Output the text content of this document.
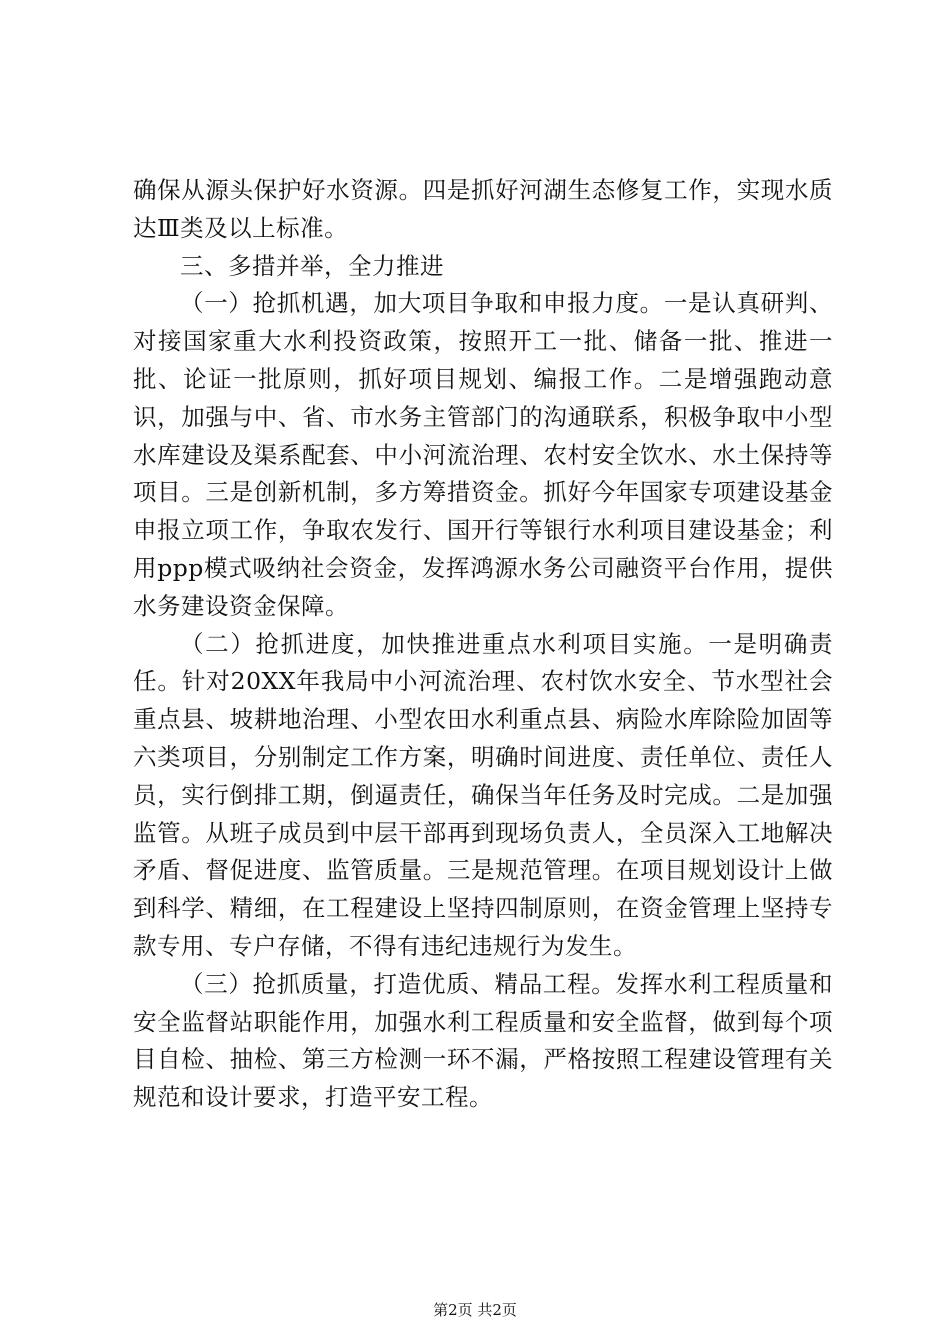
确保从源头保护好水资源。四是抓好河湖生态修复工作，实现水质达Ⅲ类及以上标准。

三、多措并举，全力推进

（一）抢抓机遇，加大项目争取和申报力度。一是认真研判、对接国家重大水利投资政策，按照开工一批、储备一批、推进一批、论证一批原则，抓好项目规划、编报工作。二是增强跑动意识，加强与中、省、市水务主管部门的沟通联系，积极争取中小型水库建设及渠系配套、中小河流治理、农村安全饮水、水土保持等项目。三是创新机制，多方筹措资金。抓好今年国家专项建设基金申报立项工作，争取农发行、国开行等银行水利项目建设基金；利用ppp模式吸纳社会资金，发挥鸿源水务公司融资平台作用，提供水务建设资金保障。

（二）抢抓进度，加快推进重点水利项目实施。一是明确责任。针对20XX年我局中小河流治理、农村饮水安全、节水型社会重点县、坡耕地治理、小型农田水利重点县、病险水库除险加固等六类项目，分别制定工作方案，明确时间进度、责任单位、责任人员，实行倒排工期，倒逼责任，确保当年任务及时完成。二是加强监管。从班子成员到中层干部再到现场负责人，全员深入工地解决矛盾、督促进度、监管质量。三是规范管理。在项目规划设计上做到科学、精细，在工程建设上坚持四制原则，在资金管理上坚持专款专用、专户存储，不得有违纪违规行为发生。

（三）抢抓质量，打造优质、精品工程。发挥水利工程质量和安全监督站职能作用，加强水利工程质量和安全监督，做到每个项目自检、抽检、第三方检测一环不漏，严格按照工程建设管理有关规范和设计要求，打造平安工程。

第2页 共2页
